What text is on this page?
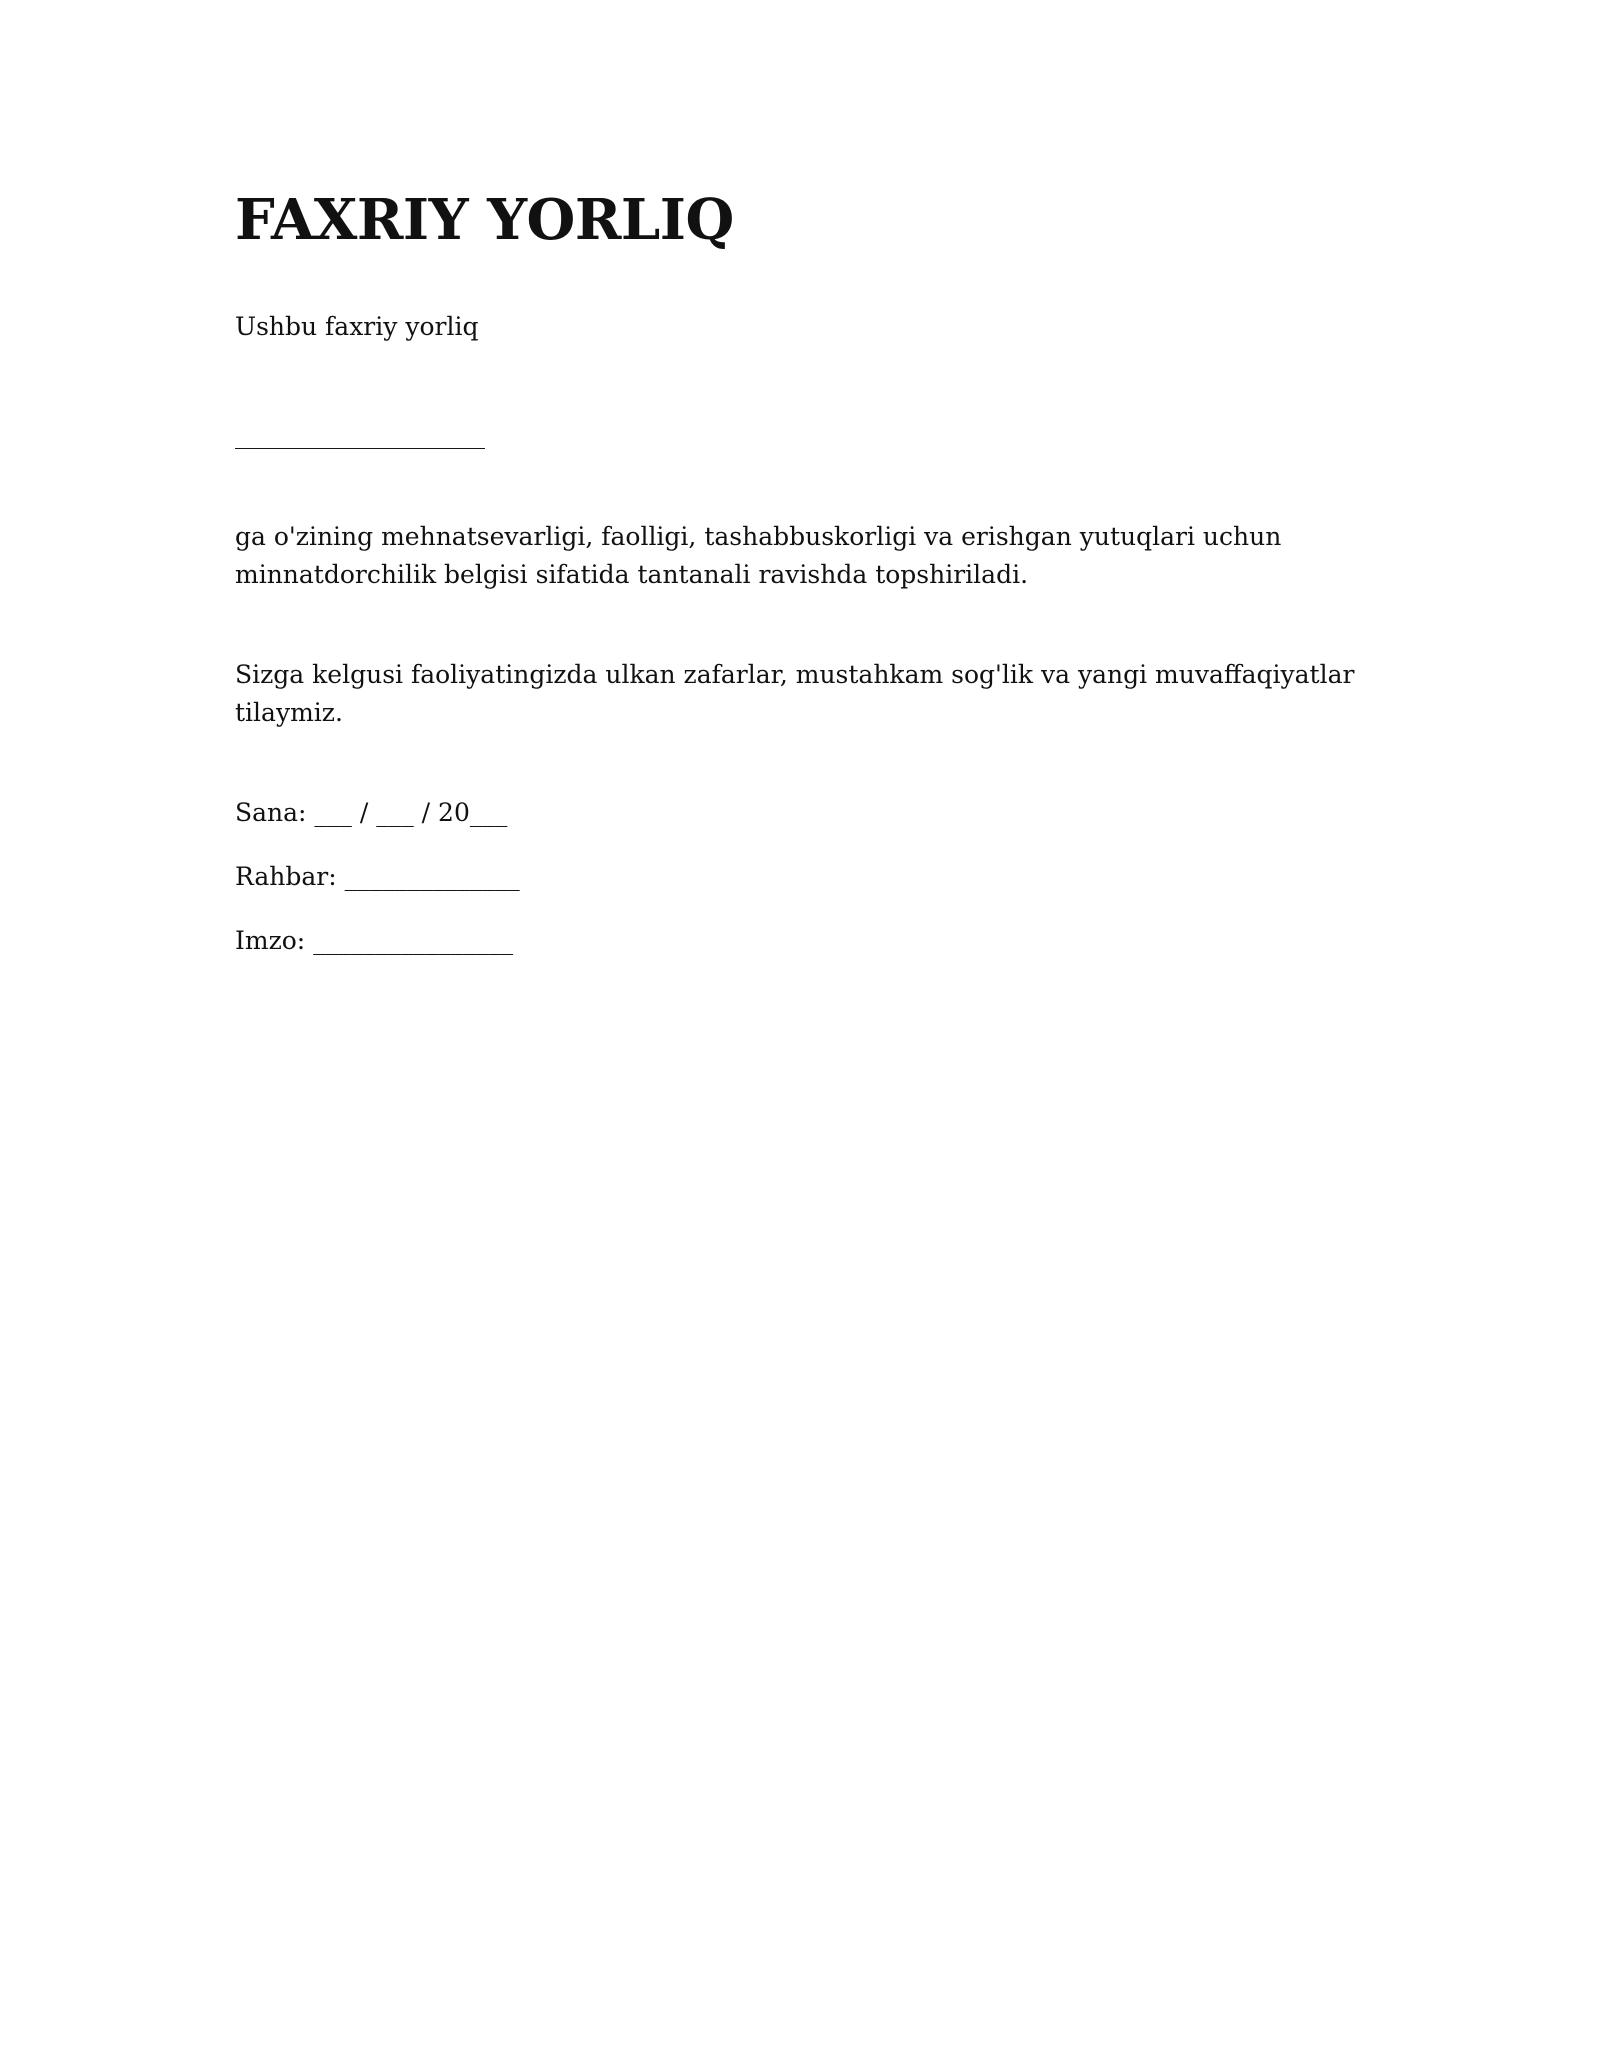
FAXRIY YORLIQ

Ushbu faxriy yorliq

____________________

ga o'zining mehnatsevarligi, faolligi, tashabbuskorligi va erishgan yutuqlari uchun minnatdorchilik belgisi sifatida tantanali ravishda topshiriladi.

Sizga kelgusi faoliyatingizda ulkan zafarlar, mustahkam sog'lik va yangi muvaffaqiyatlar tilaymiz.

Sana: ___ / ___ / 20___

Rahbar: ______________

Imzo: ________________
